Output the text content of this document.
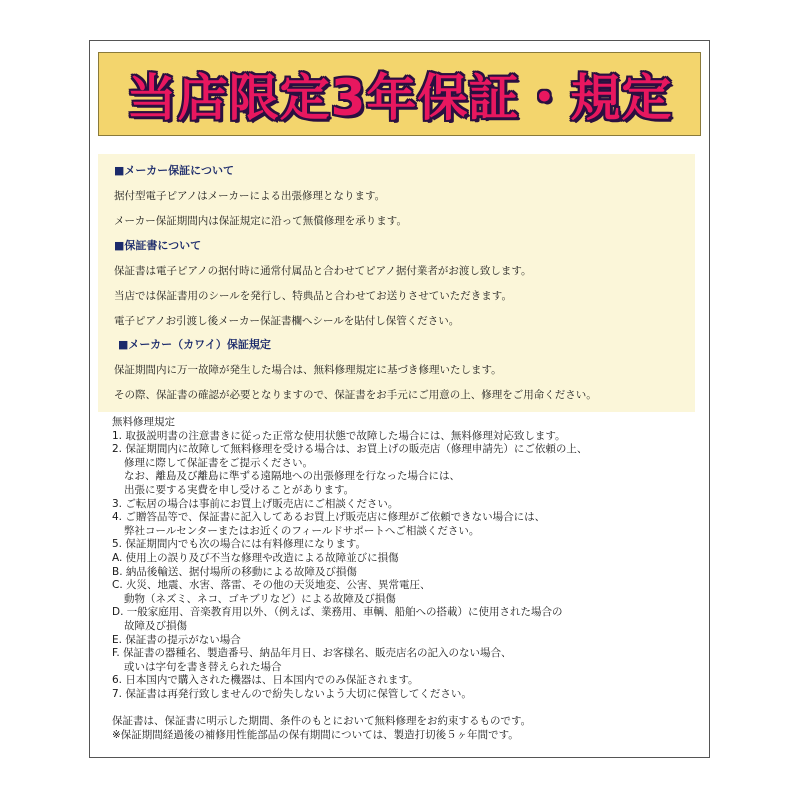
当店限定3年保証・規定
■メーカー保証について
据付型電子ピアノはメーカーによる出張修理となります。
メーカー保証期間内は保証規定に沿って無償修理を承ります。
■保証書について
保証書は電子ピアノの据付時に通常付属品と合わせてピアノ据付業者がお渡し致します。
当店では保証書用のシールを発行し、特典品と合わせてお送りさせていただきます。
電子ピアノお引渡し後メーカー保証書欄へシールを貼付し保管ください。
■メーカー（カワイ）保証規定
保証期間内に万一故障が発生した場合は、無料修理規定に基づき修理いたします。
その際、保証書の確認が必要となりますので、保証書をお手元にご用意の上、修理をご用命ください。
無料修理規定
1. 取扱説明書の注意書きに従った正常な使用状態で故障した場合には、無料修理対応致します。
2. 保証期間内に故障して無料修理を受ける場合は、お買上げの販売店（修理申請先）にご依頼の上、
修理に際して保証書をご提示ください。
なお、離島及び離島に準ずる遠隔地への出張修理を行なった場合には、
出張に要する実費を申し受けることがあります。
3. ご転居の場合は事前にお買上げ販売店にご相談ください。
4. ご贈答品等で、保証書に記入してあるお買上げ販売店に修理がご依頼できない場合には、
弊社コールセンターまたはお近くのフィールドサポートへご相談ください。
5. 保証期間内でも次の場合には有料修理になります。
A. 使用上の誤り及び不当な修理や改造による故障並びに損傷
B. 納品後輸送、据付場所の移動による故障及び損傷
C. 火災、地震、水害、落雷、その他の天災地変、公害、異常電圧、
動物（ネズミ、ネコ、ゴキブリなど）による故障及び損傷
D. 一般家庭用、音楽教育用以外、（例えば、業務用、車輌、船舶への搭載）に使用された場合の
故障及び損傷
E. 保証書の提示がない場合
F. 保証書の器種名、製造番号、納品年月日、お客様名、販売店名の記入のない場合、
或いは字句を書き替えられた場合
6. 日本国内で購入された機器は、日本国内でのみ保証されます。
7. 保証書は再発行致しませんので紛失しないよう大切に保管してください。
保証書は、保証書に明示した期間、条件のもとにおいて無料修理をお約束するものです。
※保証期間経過後の補修用性能部品の保有期間については、製造打切後５ヶ年間です。
